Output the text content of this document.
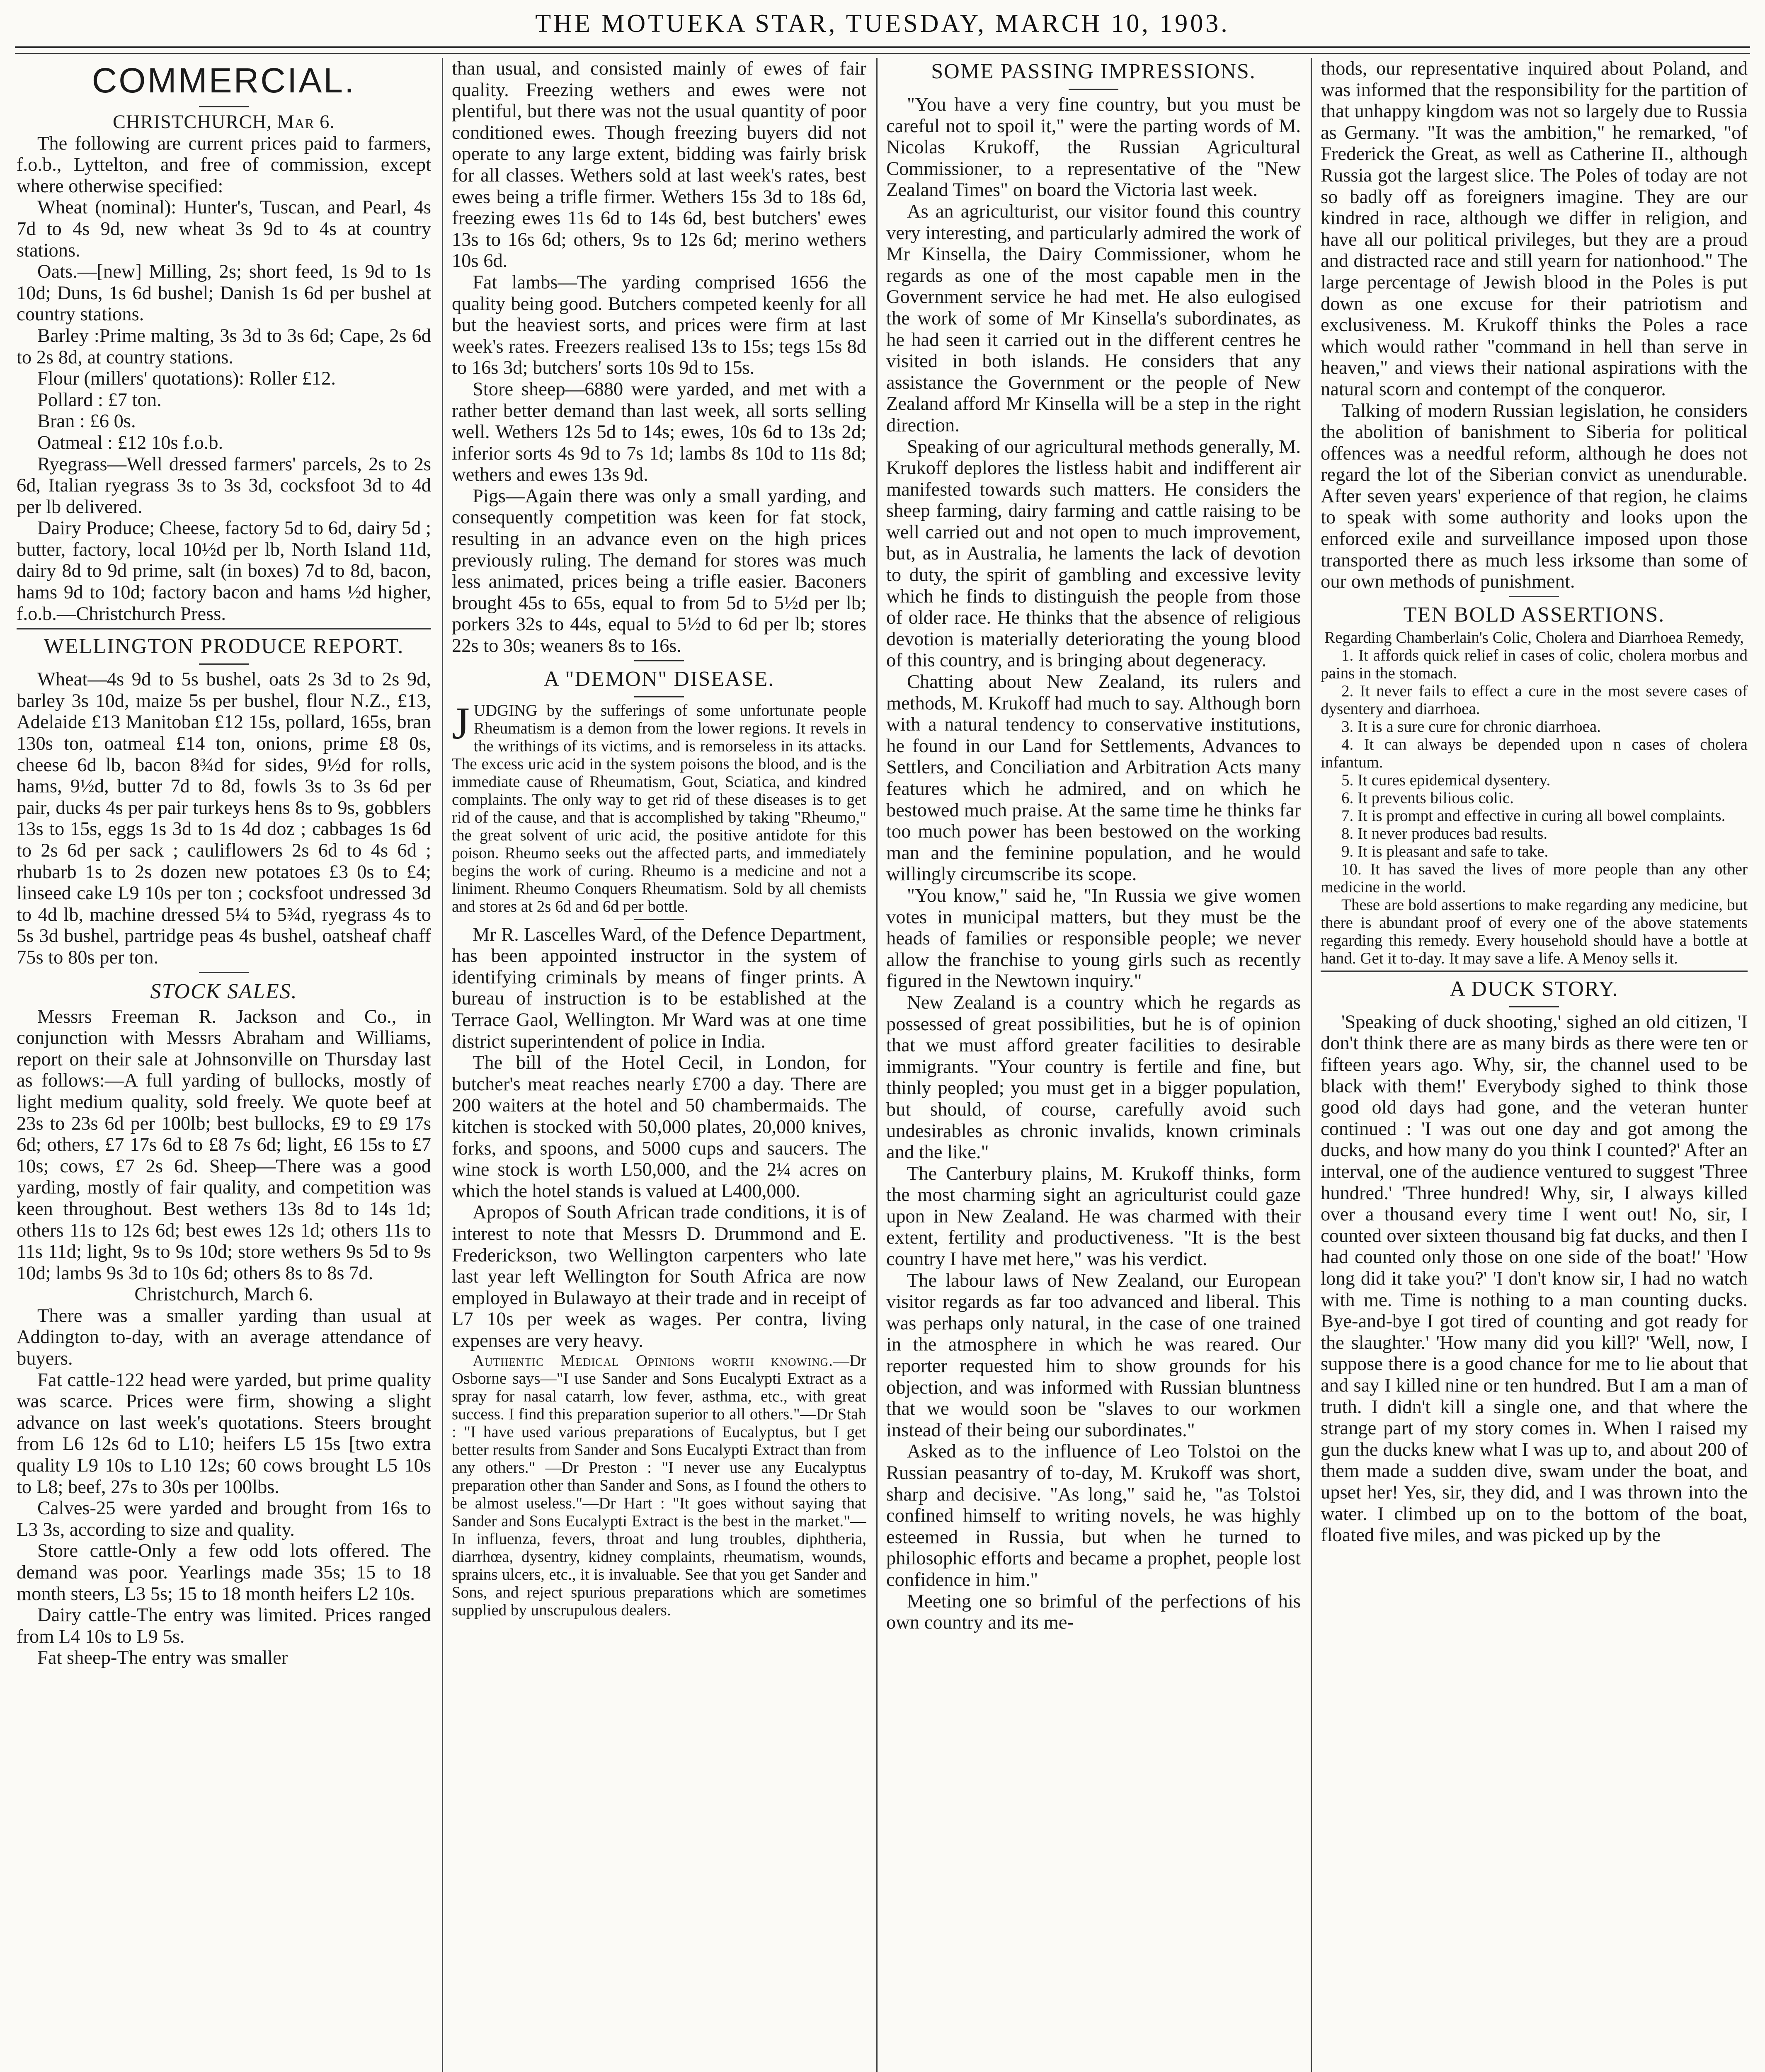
THE MOTUEKA STAR, TUESDAY, MARCH 10, 1903.
COMMERCIAL.

CHRISTCHURCH, Mar 6.

The following are current prices paid to farmers, f.o.b., Lyttelton, and free of commission, except where otherwise specified:

Wheat (nominal): Hunter's, Tuscan, and Pearl, 4s 7d to 4s 9d, new wheat 3s 9d to 4s at country stations.

Oats.—[new] Milling, 2s; short feed, 1s 9d to 1s 10d; Duns, 1s 6d bushel; Danish 1s 6d per bushel at country stations.

Barley :Prime malting, 3s 3d to 3s 6d; Cape, 2s 6d to 2s 8d, at country stations.

Flour (millers' quotations): Roller £12.

Pollard : £7 ton.

Bran : £6 0s.

Oatmeal : £12 10s f.o.b.

Ryegrass—Well dressed farmers' parcels, 2s to 2s 6d, Italian ryegrass 3s to 3s 3d, cocksfoot 3d to 4d per lb delivered.

Dairy Produce; Cheese, factory 5d to 6d, dairy 5d ; butter, factory, local 10½d per lb, North Island 11d, dairy 8d to 9d prime, salt (in boxes) 7d to 8d, bacon, hams 9d to 10d; factory bacon and hams ½d higher, f.o.b.—Christchurch Press.

WELLINGTON PRODUCE REPORT.

Wheat—4s 9d to 5s bushel, oats 2s 3d to 2s 9d, barley 3s 10d, maize 5s per bushel, flour N.Z., £13, Adelaide £13 Manitoban £12 15s, pollard, 165s, bran 130s ton, oatmeal £14 ton, onions, prime £8 0s, cheese 6d lb, bacon 8¾d for sides, 9½d for rolls, hams, 9½d, butter 7d to 8d, fowls 3s to 3s 6d per pair, ducks 4s per pair turkeys hens 8s to 9s, gobblers 13s to 15s, eggs 1s 3d to 1s 4d doz ; cabbages 1s 6d to 2s 6d per sack ; cauliflowers 2s 6d to 4s 6d ; rhubarb 1s to 2s dozen new potatoes £3 0s to £4; linseed cake L9 10s per ton ; cocksfoot undressed 3d to 4d lb, machine dressed 5¼ to 5¾d, ryegrass 4s to 5s 3d bushel, partridge peas 4s bushel, oatsheaf chaff 75s to 80s per ton.

STOCK SALES.

Messrs Freeman R. Jackson and Co., in conjunction with Messrs Abraham and Williams, report on their sale at Johnsonville on Thursday last as follows:—A full yarding of bullocks, mostly of light medium quality, sold freely. We quote beef at 23s to 23s 6d per 100lb; best bullocks, £9 to £9 17s 6d; others, £7 17s 6d to £8 7s 6d; light, £6 15s to £7 10s; cows, £7 2s 6d. Sheep—There was a good yarding, mostly of fair quality, and competition was keen throughout. Best wethers 13s 8d to 14s 1d; others 11s to 12s 6d; best ewes 12s 1d; others 11s to 11s 11d; light, 9s to 9s 10d; store wethers 9s 5d to 9s 10d; lambs 9s 3d to 10s 6d; others 8s to 8s 7d.

Christchurch, March 6.

There was a smaller yarding than usual at Addington to-day, with an average attendance of buyers.

Fat cattle-122 head were yarded, but prime quality was scarce. Prices were firm, showing a slight advance on last week's quotations. Steers brought from L6 12s 6d to L10; heifers L5 15s [two extra quality L9 10s to L10 12s; 60 cows brought L5 10s to L8; beef, 27s to 30s per 100lbs.

Calves-25 were yarded and brought from 16s to L3 3s, according to size and quality.

Store cattle-Only a few odd lots offered. The demand was poor. Yearlings made 35s; 15 to 18 month steers, L3 5s; 15 to 18 month heifers L2 10s.

Dairy cattle-The entry was limited. Prices ranged from L4 10s to L9 5s.

Fat sheep-The entry was smaller

than usual, and consisted mainly of ewes of fair quality. Freezing wethers and ewes were not plentiful, but there was not the usual quantity of poor conditioned ewes. Though freezing buyers did not operate to any large extent, bidding was fairly brisk for all classes. Wethers sold at last week's rates, best ewes being a trifle firmer. Wethers 15s 3d to 18s 6d, freezing ewes 11s 6d to 14s 6d, best butchers' ewes 13s to 16s 6d; others, 9s to 12s 6d; merino wethers 10s 6d.

Fat lambs—The yarding comprised 1656 the quality being good. Butchers competed keenly for all but the heaviest sorts, and prices were firm at last week's rates. Freezers realised 13s to 15s; tegs 15s 8d to 16s 3d; butchers' sorts 10s 9d to 15s.

Store sheep—6880 were yarded, and met with a rather better demand than last week, all sorts selling well. Wethers 12s 5d to 14s; ewes, 10s 6d to 13s 2d; inferior sorts 4s 9d to 7s 1d; lambs 8s 10d to 11s 8d; wethers and ewes 13s 9d.

Pigs—Again there was only a small yarding, and consequently competition was keen for fat stock, resulting in an advance even on the high prices previously ruling. The demand for stores was much less animated, prices being a trifle easier. Baconers brought 45s to 65s, equal to from 5d to 5½d per lb; porkers 32s to 44s, equal to 5½d to 6d per lb; stores 22s to 30s; weaners 8s to 16s.

A "DEMON" DISEASE.
JUDGING by the sufferings of some unfortunate people Rheumatism is a demon from the lower regions. It revels in the writhings of its victims, and is remorseless in its attacks. The excess uric acid in the system poisons the blood, and is the immediate cause of Rheumatism, Gout, Sciatica, and kindred complaints. The only way to get rid of these diseases is to get rid of the cause, and that is accomplished by taking "Rheumo," the great solvent of uric acid, the positive antidote for this poison. Rheumo seeks out the affected parts, and immediately begins the work of curing. Rheumo is a medicine and not a liniment. Rheumo Conquers Rheumatism. Sold by all chemists and stores at 2s 6d and 6d per bottle.

Mr R. Lascelles Ward, of the Defence Department, has been appointed instructor in the system of identifying criminals by means of finger prints. A bureau of instruction is to be established at the Terrace Gaol, Wellington. Mr Ward was at one time district superintendent of police in India.

The bill of the Hotel Cecil, in London, for butcher's meat reaches nearly £700 a day. There are 200 waiters at the hotel and 50 chambermaids. The kitchen is stocked with 50,000 plates, 20,000 knives, forks, and spoons, and 5000 cups and saucers. The wine stock is worth L50,000, and the 2¼ acres on which the hotel stands is valued at L400,000.

Apropos of South African trade conditions, it is of interest to note that Messrs D. Drummond and E. Frederickson, two Wellington carpenters who late last year left Wellington for South Africa are now employed in Bulawayo at their trade and in receipt of L7 10s per week as wages. Per contra, living expenses are very heavy.

Authentic Medical Opinions worth knowing.—Dr Osborne says—"I use Sander and Sons Eucalypti Extract as a spray for nasal catarrh, low fever, asthma, etc., with great success. I find this preparation superior to all others."—Dr Stah : "I have used various preparations of Eucalyptus, but I get better results from Sander and Sons Eucalypti Extract than from any others." —Dr Preston : "I never use any Eucalyptus preparation other than Sander and Sons, as I found the others to be almost useless."—Dr Hart : "It goes without saying that Sander and Sons Eucalypti Extract is the best in the market."—In influenza, fevers, throat and lung troubles, diphtheria, diarrhœa, dysentry, kidney complaints, rheumatism, wounds, sprains ulcers, etc., it is invaluable. See that you get Sander and Sons, and reject spurious preparations which are sometimes supplied by unscrupulous dealers.

SOME PASSING IMPRESSIONS.

"You have a very fine country, but you must be careful not to spoil it," were the parting words of M. Nicolas Krukoff, the Russian Agricultural Commissioner, to a representative of the "New Zealand Times" on board the Victoria last week.

As an agriculturist, our visitor found this country very interesting, and particularly admired the work of Mr Kinsella, the Dairy Commissioner, whom he regards as one of the most capable men in the Government service he had met. He also eulogised the work of some of Mr Kinsella's subordinates, as he had seen it carried out in the different centres he visited in both islands. He considers that any assistance the Government or the people of New Zealand afford Mr Kinsella will be a step in the right direction.

Speaking of our agricultural methods generally, M. Krukoff deplores the listless habit and indifferent air manifested towards such matters. He considers the sheep farming, dairy farming and cattle raising to be well carried out and not open to much improvement, but, as in Australia, he laments the lack of devotion to duty, the spirit of gambling and excessive levity which he finds to distinguish the people from those of older race. He thinks that the absence of religious devotion is materially deteriorating the young blood of this country, and is bringing about degeneracy.

Chatting about New Zealand, its rulers and methods, M. Krukoff had much to say. Although born with a natural tendency to conservative institutions, he found in our Land for Settlements, Advances to Settlers, and Conciliation and Arbitration Acts many features which he admired, and on which he bestowed much praise. At the same time he thinks far too much power has been bestowed on the working man and the feminine population, and he would willingly circumscribe its scope.

"You know," said he, "In Russia we give women votes in municipal matters, but they must be the heads of families or responsible people; we never allow the franchise to young girls such as recently figured in the Newtown inquiry."

New Zealand is a country which he regards as possessed of great possibilities, but he is of opinion that we must afford greater facilities to desirable immigrants. "Your country is fertile and fine, but thinly peopled; you must get in a bigger population, but should, of course, carefully avoid such undesirables as chronic invalids, known criminals and the like."

The Canterbury plains, M. Krukoff thinks, form the most charming sight an agriculturist could gaze upon in New Zealand. He was charmed with their extent, fertility and productiveness. "It is the best country I have met here," was his verdict.

The labour laws of New Zealand, our European visitor regards as far too advanced and liberal. This was perhaps only natural, in the case of one trained in the atmosphere in which he was reared. Our reporter requested him to show grounds for his objection, and was informed with Russian bluntness that we would soon be "slaves to our workmen instead of their being our subordinates."

Asked as to the influence of Leo Tolstoi on the Russian peasantry of to-day, M. Krukoff was short, sharp and decisive. "As long," said he, "as Tolstoi confined himself to writing novels, he was highly esteemed in Russia, but when he turned to philosophic efforts and became a prophet, people lost confidence in him."

Meeting one so brimful of the perfections of his own country and its me-

thods, our representative inquired about Poland, and was informed that the responsibility for the partition of that unhappy kingdom was not so largely due to Russia as Germany. "It was the ambition," he remarked, "of Frederick the Great, as well as Catherine II., although Russia got the largest slice. The Poles of today are not so badly off as foreigners imagine. They are our kindred in race, although we differ in religion, and have all our political privileges, but they are a proud and distracted race and still yearn for nationhood." The large percentage of Jewish blood in the Poles is put down as one excuse for their patriotism and exclusiveness. M. Krukoff thinks the Poles a race which would rather "command in hell than serve in heaven," and views their national aspirations with the natural scorn and contempt of the conqueror.

Talking of modern Russian legislation, he considers the abolition of banishment to Siberia for political offences was a needful reform, although he does not regard the lot of the Siberian convict as unendurable. After seven years' experience of that region, he claims to speak with some authority and looks upon the enforced exile and surveillance imposed upon those transported there as much less irksome than some of our own methods of punishment.

TEN BOLD ASSERTIONS.

Regarding Chamberlain's Colic, Cholera and Diarrhoea Remedy,

1. It affords quick relief in cases of colic, cholera morbus and pains in the stomach.
2. It never fails to effect a cure in the most severe cases of dysentery and diarrhoea.
3. It is a sure cure for chronic diarrhoea.
4. It can always be depended upon n cases of cholera infantum.
5. It cures epidemical dysentery.
6. It prevents bilious colic.
7. It is prompt and effective in curing all bowel complaints.
8. It never produces bad results.
9. It is pleasant and safe to take.
10. It has saved the lives of more people than any other medicine in the world.

These are bold assertions to make regarding any medicine, but there is abundant proof of every one of the above statements regarding this remedy. Every household should have a bottle at hand. Get it to-day. It may save a life. A Menoy sells it.

A DUCK STORY.

'Speaking of duck shooting,' sighed an old citizen, 'I don't think there are as many birds as there were ten or fifteen years ago. Why, sir, the channel used to be black with them!' Everybody sighed to think those good old days had gone, and the veteran hunter continued : 'I was out one day and got among the ducks, and how many do you think I counted?' After an interval, one of the audience ventured to suggest 'Three hundred.' 'Three hundred! Why, sir, I always killed over a thousand every time I went out! No, sir, I counted over sixteen thousand big fat ducks, and then I had counted only those on one side of the boat!' 'How long did it take you?' 'I don't know sir, I had no watch with me. Time is nothing to a man counting ducks. Bye-and-bye I got tired of counting and got ready for the slaughter.' 'How many did you kill?' 'Well, now, I suppose there is a good chance for me to lie about that and say I killed nine or ten hundred. But I am a man of truth. I didn't kill a single one, and that where the strange part of my story comes in. When I raised my gun the ducks knew what I was up to, and about 200 of them made a sudden dive, swam under the boat, and upset her! Yes, sir, they did, and I was thrown into the water. I climbed up on to the bottom of the boat, floated five miles, and was picked up by the
